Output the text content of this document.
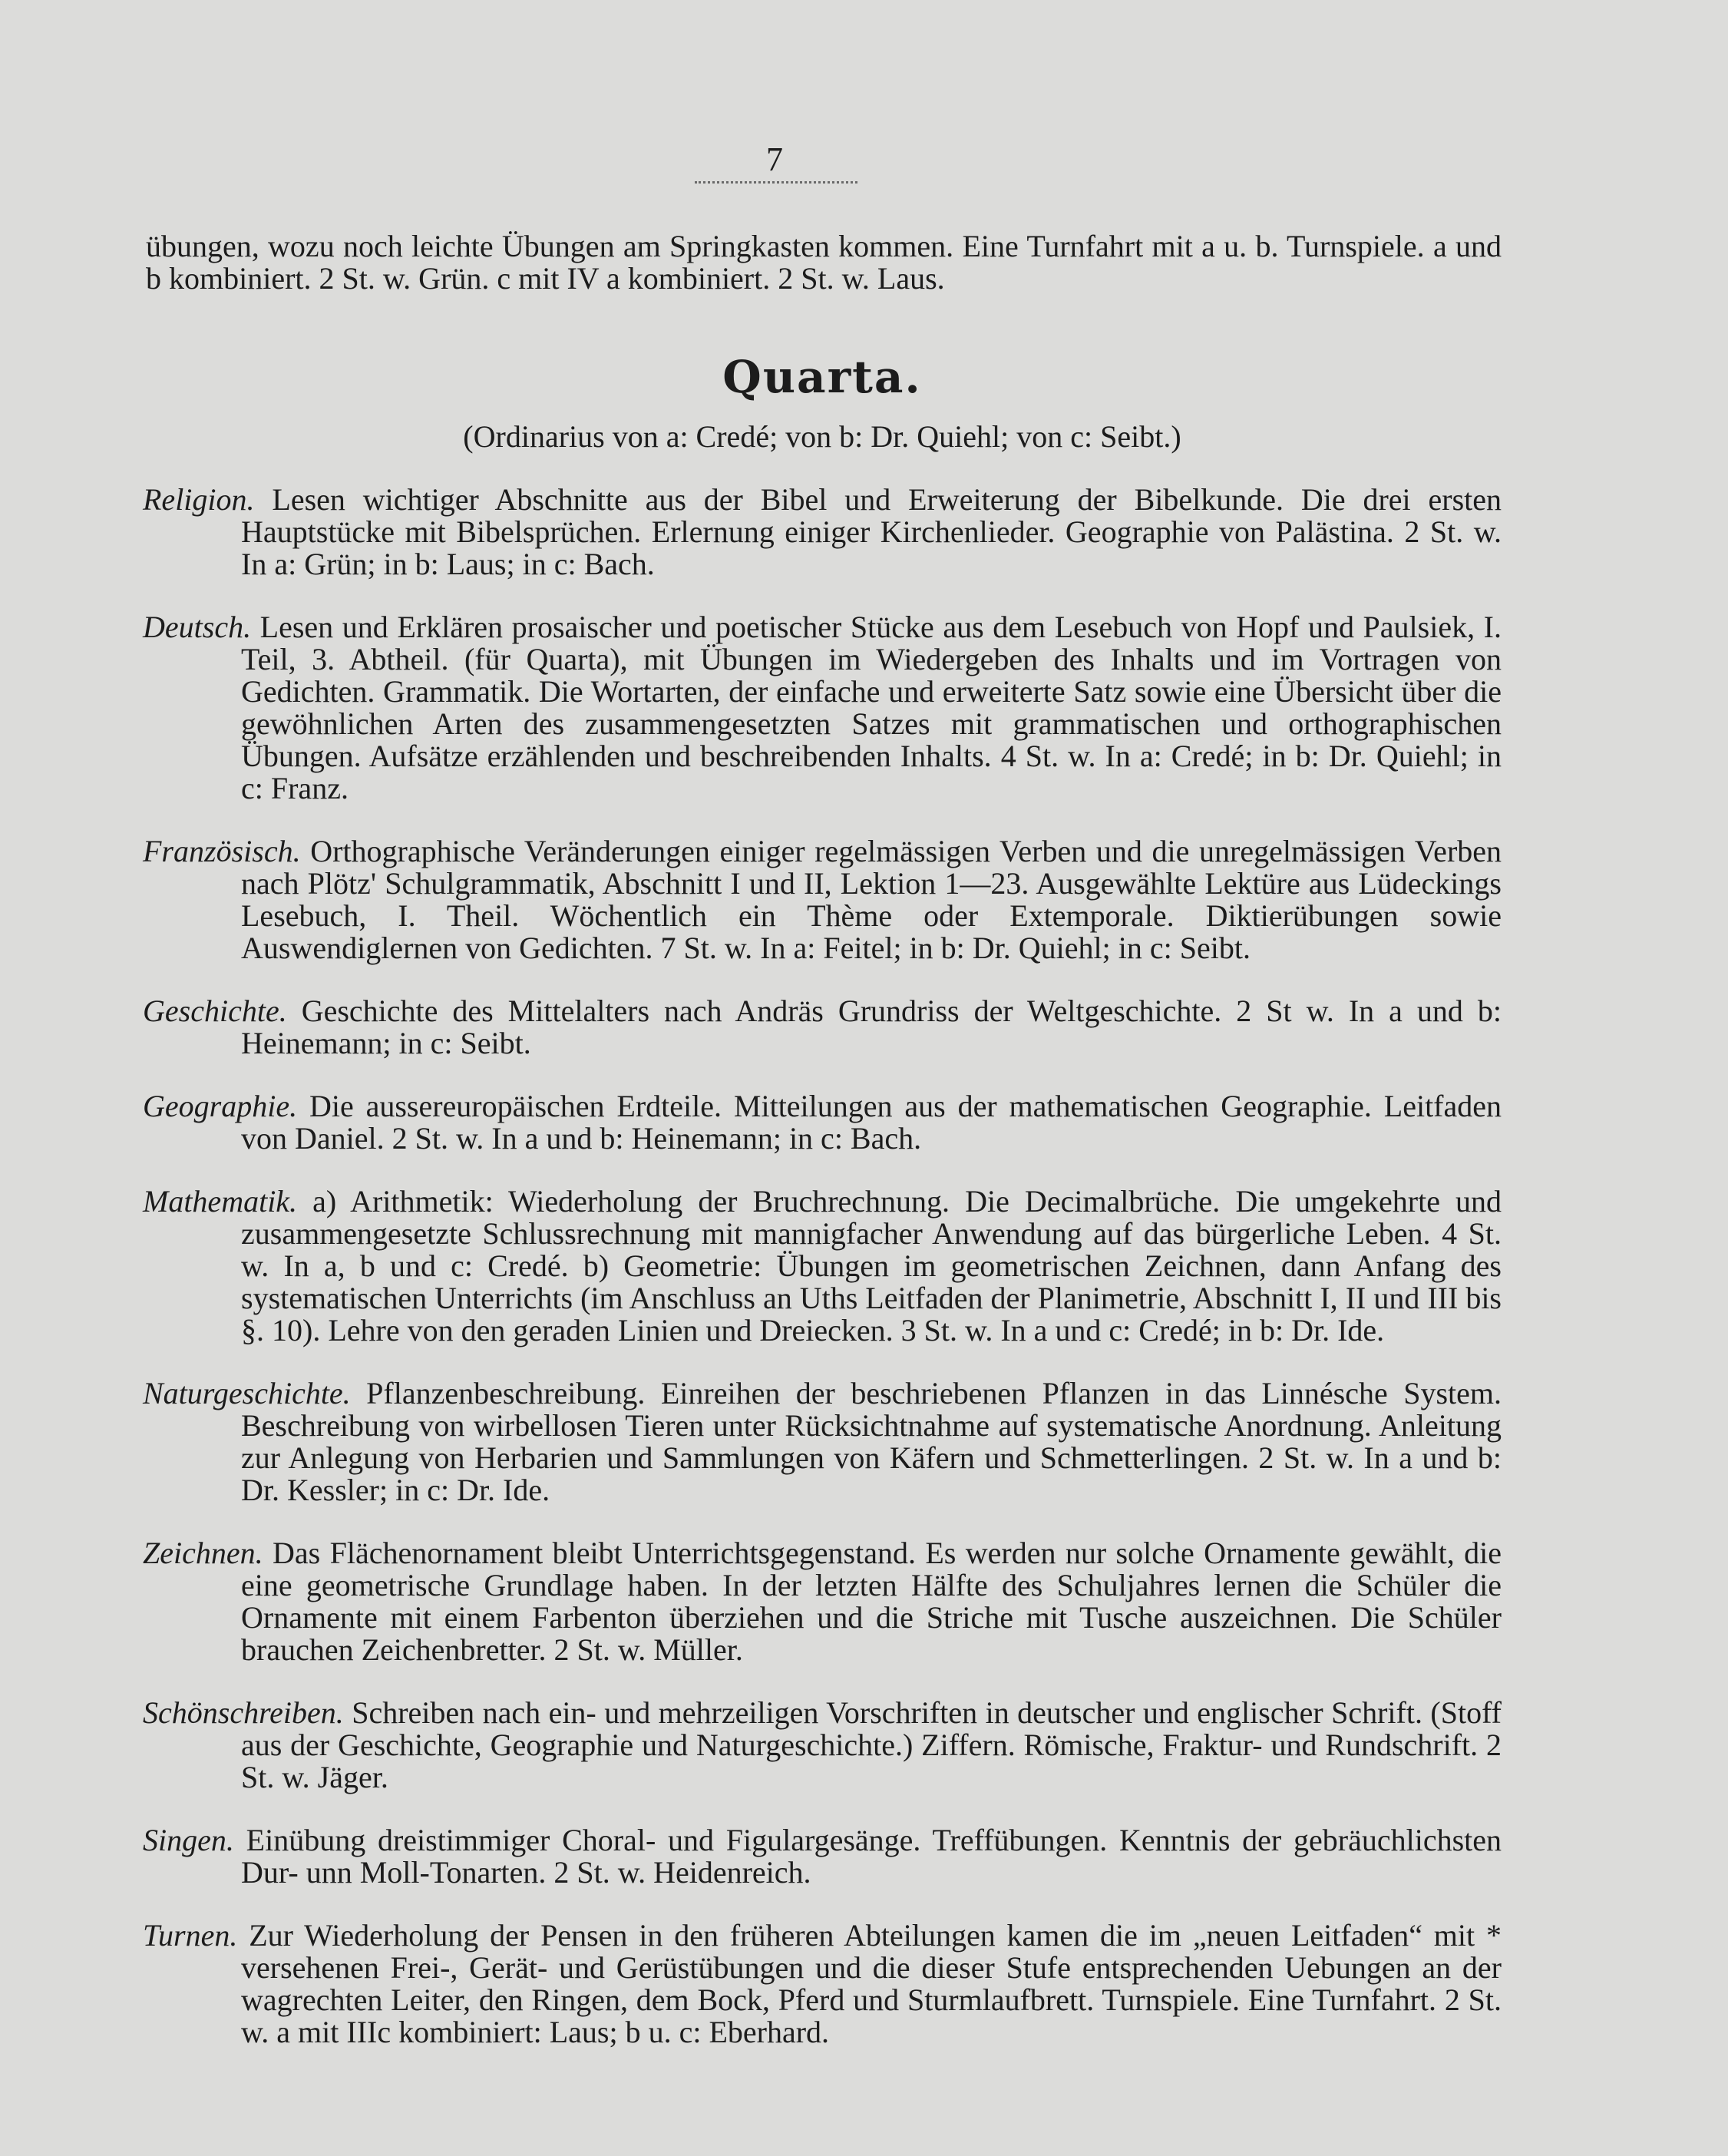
7

übungen, wozu noch leichte Übungen am Springkasten kommen. Eine Turnfahrt mit a u. b. Turnspiele. a und b kombiniert. 2 St. w. Grün. c mit IV a kombiniert. 2 St. w. Laus.

Quarta.
(Ordinarius von a: Credé; von b: Dr. Quiehl; von c: Seibt.)

Religion. Lesen wichtiger Abschnitte aus der Bibel und Erweiterung der Bibelkunde. Die drei ersten Hauptstücke mit Bibelsprüchen. Erlernung einiger Kirchenlieder. Geographie von Palästina. 2 St. w. In a: Grün; in b: Laus; in c: Bach.

Deutsch. Lesen und Erklären prosaischer und poetischer Stücke aus dem Lesebuch von Hopf und Paulsiek, I. Teil, 3. Abtheil. (für Quarta), mit Übungen im Wiedergeben des Inhalts und im Vortragen von Gedichten. Grammatik. Die Wortarten, der einfache und erweiterte Satz sowie eine Übersicht über die gewöhnlichen Arten des zusammengesetzten Satzes mit grammatischen und orthographischen Übungen. Aufsätze erzählenden und beschreibenden Inhalts. 4 St. w. In a: Credé; in b: Dr. Quiehl; in c: Franz.

Französisch. Orthographische Veränderungen einiger regelmässigen Verben und die unregelmässigen Verben nach Plötz' Schulgrammatik, Abschnitt I und II, Lektion 1—23. Ausgewählte Lektüre aus Lüdeckings Lesebuch, I. Theil. Wöchentlich ein Thème oder Extemporale. Diktierübungen sowie Auswendiglernen von Gedichten. 7 St. w. In a: Feitel; in b: Dr. Quiehl; in c: Seibt.

Geschichte. Geschichte des Mittelalters nach Andräs Grundriss der Weltgeschichte. 2 St w. In a und b: Heinemann; in c: Seibt.

Geographie. Die aussereuropäischen Erdteile. Mitteilungen aus der mathematischen Geographie. Leitfaden von Daniel. 2 St. w. In a und b: Heinemann; in c: Bach.

Mathematik. a) Arithmetik: Wiederholung der Bruchrechnung. Die Decimalbrüche. Die umgekehrte und zusammengesetzte Schlussrechnung mit mannigfacher Anwendung auf das bürgerliche Leben. 4 St. w. In a, b und c: Credé. b) Geometrie: Übungen im geometrischen Zeichnen, dann Anfang des systematischen Unterrichts (im Anschluss an Uths Leitfaden der Planimetrie, Abschnitt I, II und III bis §. 10). Lehre von den geraden Linien und Dreiecken. 3 St. w. In a und c: Credé; in b: Dr. Ide.

Naturgeschichte. Pflanzenbeschreibung. Einreihen der beschriebenen Pflanzen in das Linnésche System. Beschreibung von wirbellosen Tieren unter Rücksichtnahme auf systematische Anordnung. Anleitung zur Anlegung von Herbarien und Sammlungen von Käfern und Schmetterlingen. 2 St. w. In a und b: Dr. Kessler; in c: Dr. Ide.

Zeichnen. Das Flächenornament bleibt Unterrichtsgegenstand. Es werden nur solche Ornamente gewählt, die eine geometrische Grundlage haben. In der letzten Hälfte des Schuljahres lernen die Schüler die Ornamente mit einem Farbenton überziehen und die Striche mit Tusche auszeichnen. Die Schüler brauchen Zeichenbretter. 2 St. w. Müller.

Schönschreiben. Schreiben nach ein- und mehrzeiligen Vorschriften in deutscher und englischer Schrift. (Stoff aus der Geschichte, Geographie und Naturgeschichte.) Ziffern. Römische, Fraktur- und Rundschrift. 2 St. w. Jäger.

Singen. Einübung dreistimmiger Choral- und Figulargesänge. Treffübungen. Kenntnis der gebräuchlichsten Dur- unn Moll-Tonarten. 2 St. w. Heidenreich.

Turnen. Zur Wiederholung der Pensen in den früheren Abteilungen kamen die im „neuen Leitfaden“ mit * versehenen Frei-, Gerät- und Gerüstübungen und die dieser Stufe entsprechenden Uebungen an der wagrechten Leiter, den Ringen, dem Bock, Pferd und Sturmlaufbrett. Turnspiele. Eine Turnfahrt. 2 St. w. a mit IIIc kombiniert: Laus; b u. c: Eberhard.
